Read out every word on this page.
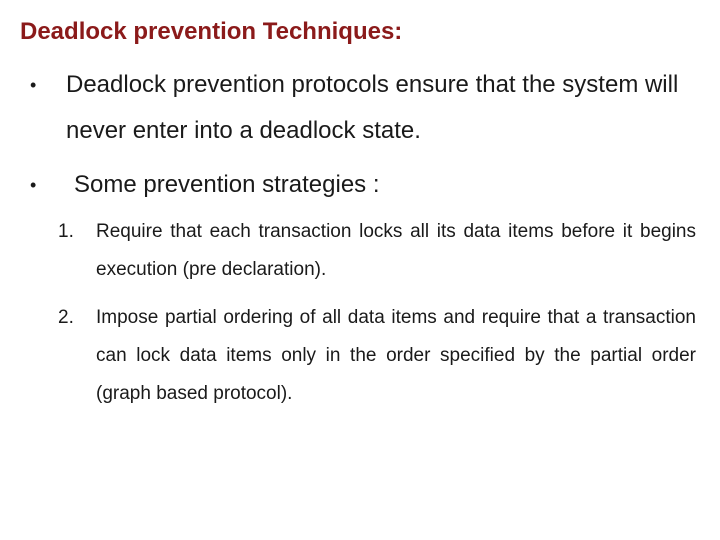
Deadlock prevention Techniques:
• Deadlock prevention protocols ensure that the system will never enter into a deadlock state.

• Some prevention strategies :

1. Require that each transaction locks all its data items before it begins execution (pre declaration).

2. Impose partial ordering of all data items and require that a transaction can lock data items only in the order specified by the partial order (graph based protocol).
